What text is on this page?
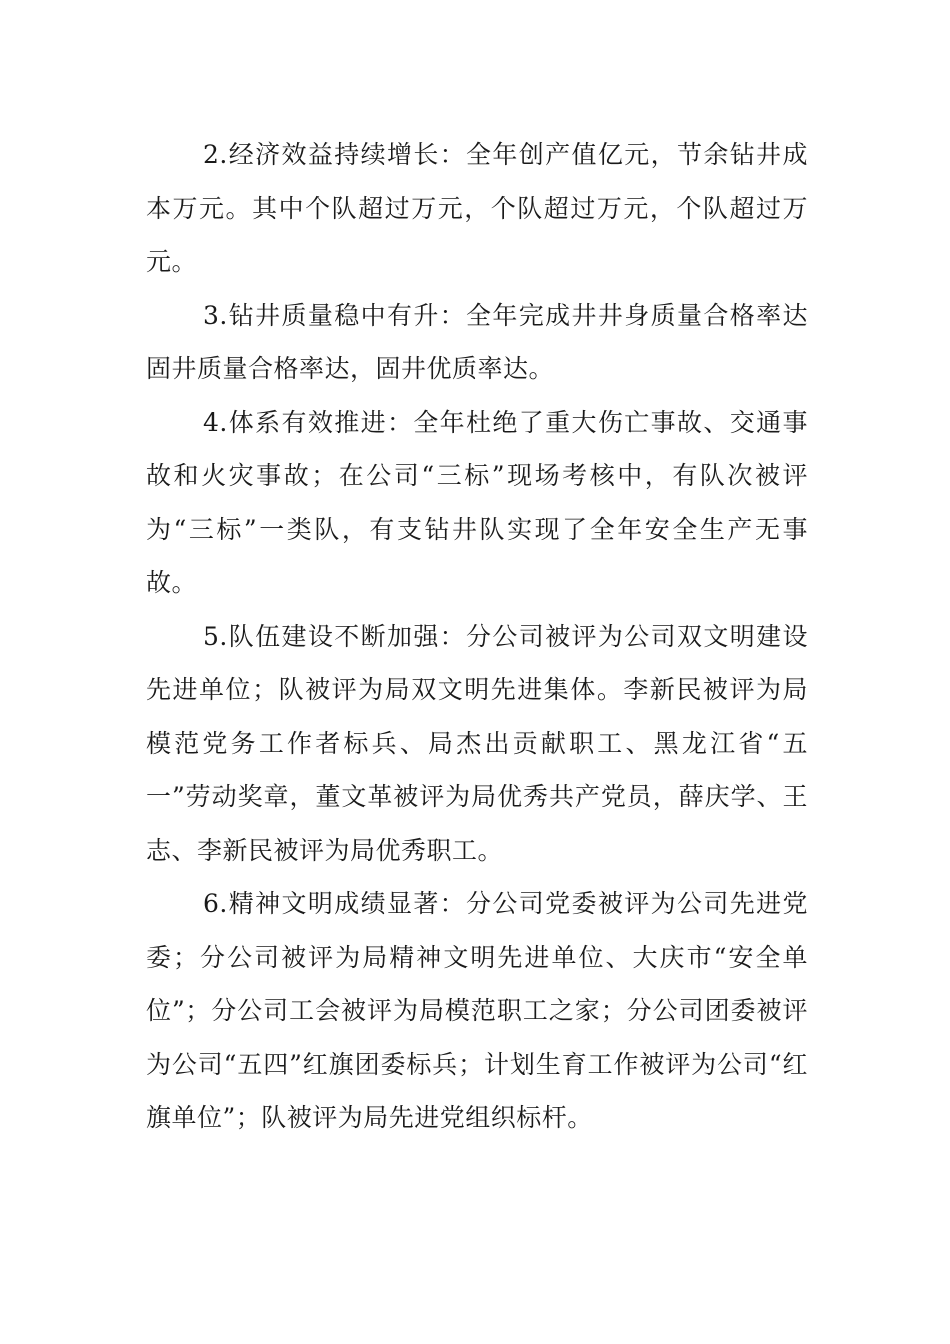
2.经济效益持续增长：全年创产值亿元，节余钻井成本万元。其中个队超过万元，个队超过万元，个队超过万元。

3.钻井质量稳中有升：全年完成井井身质量合格率达固井质量合格率达，固井优质率达。

4.体系有效推进：全年杜绝了重大伤亡事故、交通事故和火灾事故；在公司“三标”现场考核中，有队次被评为“三标”一类队，有支钻井队实现了全年安全生产无事故。

5.队伍建设不断加强：分公司被评为公司双文明建设先进单位；队被评为局双文明先进集体。李新民被评为局模范党务工作者标兵、局杰出贡献职工、黑龙江省“五一”劳动奖章，董文革被评为局优秀共产党员，薛庆学、王志、李新民被评为局优秀职工。

6.精神文明成绩显著：分公司党委被评为公司先进党委；分公司被评为局精神文明先进单位、大庆市“安全单位”；分公司工会被评为局模范职工之家；分公司团委被评为公司“五四”红旗团委标兵；计划生育工作被评为公司“红旗单位”；队被评为局先进党组织标杆。
